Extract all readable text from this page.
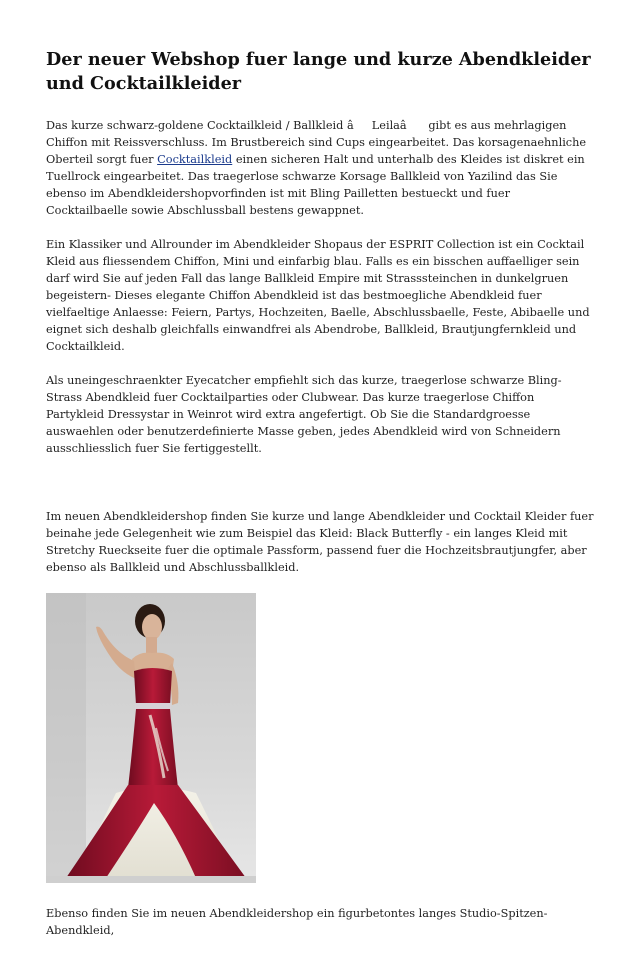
Der neuer Webshop fuer lange und kurze Abendkleider und Cocktailkleider

Das kurze schwarz-goldene Cocktailkleid / Ballkleid âLeilaâ gibt es aus mehrlagigen Chiffon mit Reissverschluss. Im Brustbereich sind Cups eingearbeitet. Das korsagenaehnliche Oberteil sorgt fuer Cocktailkleid einen sicheren Halt und unterhalb des Kleides ist diskret ein Tuellrock eingearbeitet. Das traegerlose schwarze Korsage Ballkleid von Yazilind das Sie ebenso im Abendkleidershopvorfinden ist mit Bling Pailletten bestueckt und fuer Cocktailbaelle sowie Abschlussball bestens gewappnet.

Ein Klassiker und Allrounder im Abendkleider Shopaus der ESPRIT Collection ist ein Cocktail Kleid aus fliessendem Chiffon, Mini und einfarbig blau. Falls es ein bisschen auffaelliger sein darf wird Sie auf jeden Fall das lange Ballkleid Empire mit Strasssteinchen in dunkelgruen begeistern- Dieses elegante Chiffon Abendkleid ist das bestmoegliche Abendkleid fuer vielfaeltige Anlaesse: Feiern, Partys, Hochzeiten, Baelle, Abschlussbaelle, Feste, Abibaelle und eignet sich deshalb gleichfalls einwandfrei als Abendrobe, Ballkleid, Brautjungfernkleid und Cocktailkleid.

Als uneingeschraenkter Eyecatcher empfiehlt sich das kurze, traegerlose schwarze Bling-Strass Abendkleid fuer Cocktailparties oder Clubwear. Das kurze traegerlose Chiffon Partykleid Dressystar in Weinrot wird extra angefertigt. Ob Sie die Standardgroesse auswaehlen oder benutzerdefinierte Masse geben, jedes Abendkleid wird von Schneidern ausschliesslich fuer Sie fertiggestellt.

Im neuen Abendkleidershop finden Sie kurze und lange Abendkleider und Cocktail Kleider fuer beinahe jede Gelegenheit wie zum Beispiel das Kleid: Black Butterfly - ein langes Kleid mit Stretchy Rueckseite fuer die optimale Passform, passend fuer die Hochzeitsbrautjungfer, aber ebenso als Ballkleid und Abschlussballkleid.

Ebenso finden Sie im neuen Abendkleidershop ein figurbetontes langes Studio-Spitzen-Abendkleid,
